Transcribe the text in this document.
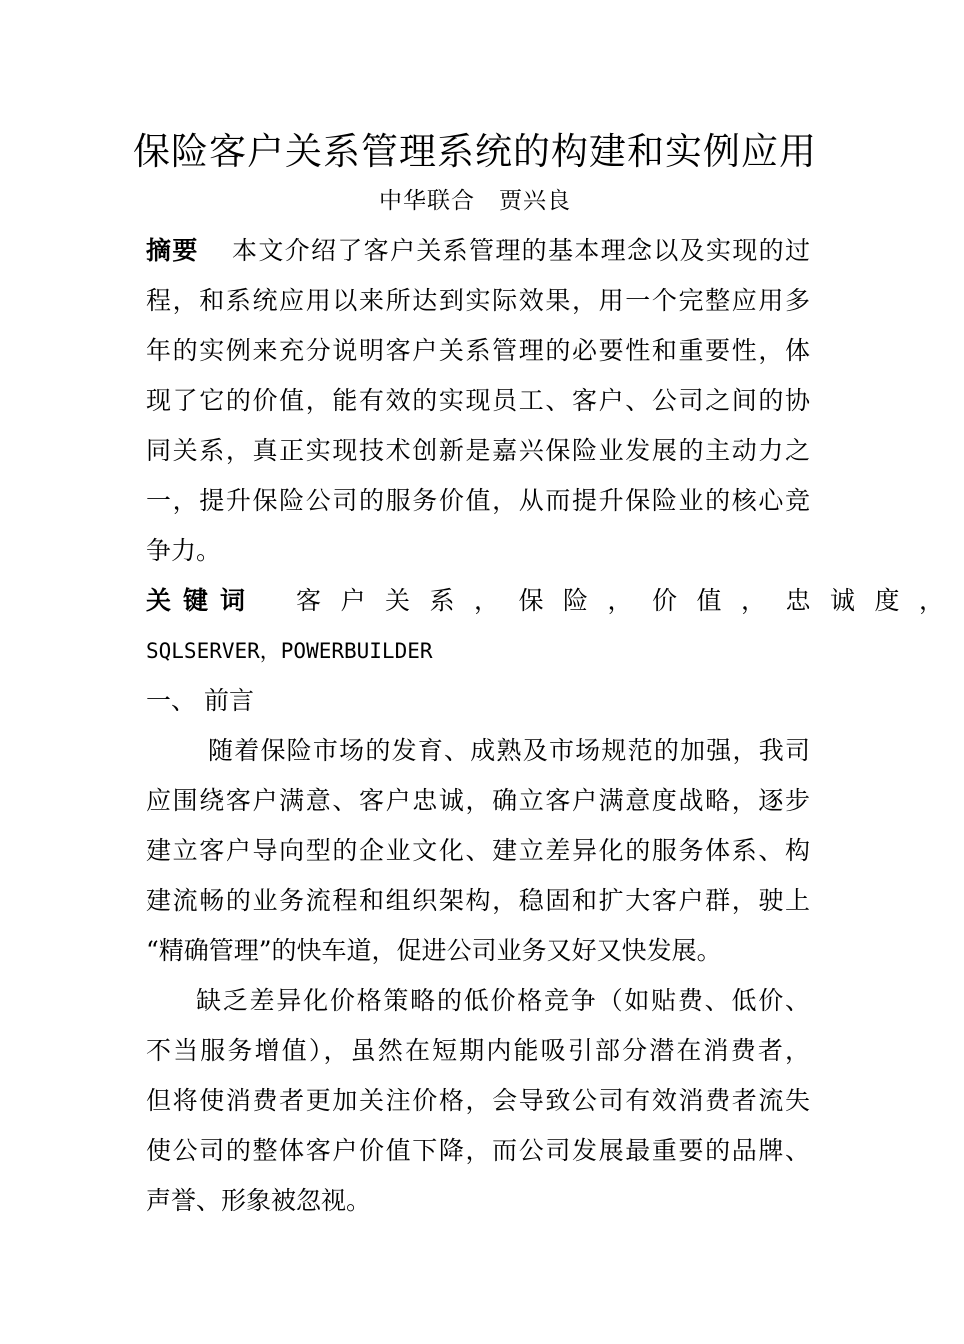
保险客户关系管理系统的构建和实例应用
中华联合　贾兴良
摘要 本文介绍了客户关系管理的基本理念以及实现的过
程，和系统应用以来所达到实际效果，用一个完整应用多
年的实例来充分说明客户关系管理的必要性和重要性，体
现了它的价值，能有效的实现员工、客户、公司之间的协
同关系，真正实现技术创新是嘉兴保险业发展的主动力之
一，提升保险公司的服务价值，从而提升保险业的核心竞
争力。
关键词 客户关系，保险，价值，忠诚度，
SQLSERVER，POWERBUILDER
一、 前言
随着保险市场的发育、成熟及市场规范的加强，我司
应围绕客户满意、客户忠诚，确立客户满意度战略，逐步
建立客户导向型的企业文化、建立差异化的服务体系、构
建流畅的业务流程和组织架构，稳固和扩大客户群，驶上
“精确管理”的快车道，促进公司业务又好又快发展。
缺乏差异化价格策略的低价格竞争（如贴费、低价、
不当服务增值），虽然在短期内能吸引部分潜在消费者，
但将使消费者更加关注价格，会导致公司有效消费者流失
使公司的整体客户价值下降，而公司发展最重要的品牌、
声誉、形象被忽视。
